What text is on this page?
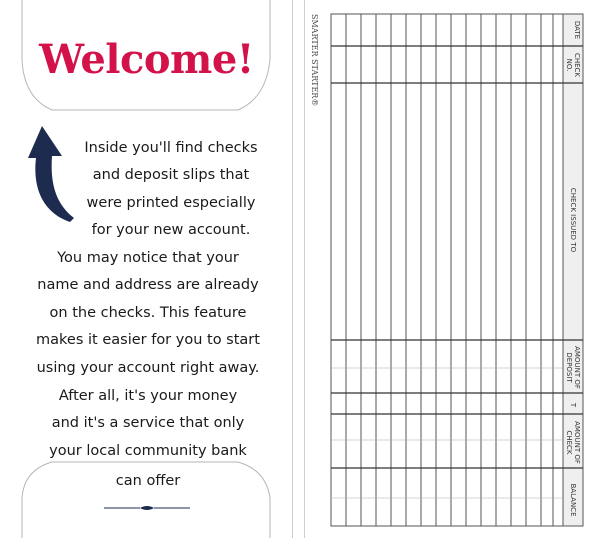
Welcome!
Inside you'll find checks
and deposit slips that
were printed especially
for your new account.
You may notice that your
name and address are already
on the checks. This feature
makes it easier for you to start
using your account right away.
After all, it's your money
and it's a service that only
your local community bank
can offer
SMARTER STARTER®	DATE
CHECK NO.
CHECK ISSUED TO
AMOUNT OF DEPOSIT
T
AMOUNT OF CHECK
BALANCE
